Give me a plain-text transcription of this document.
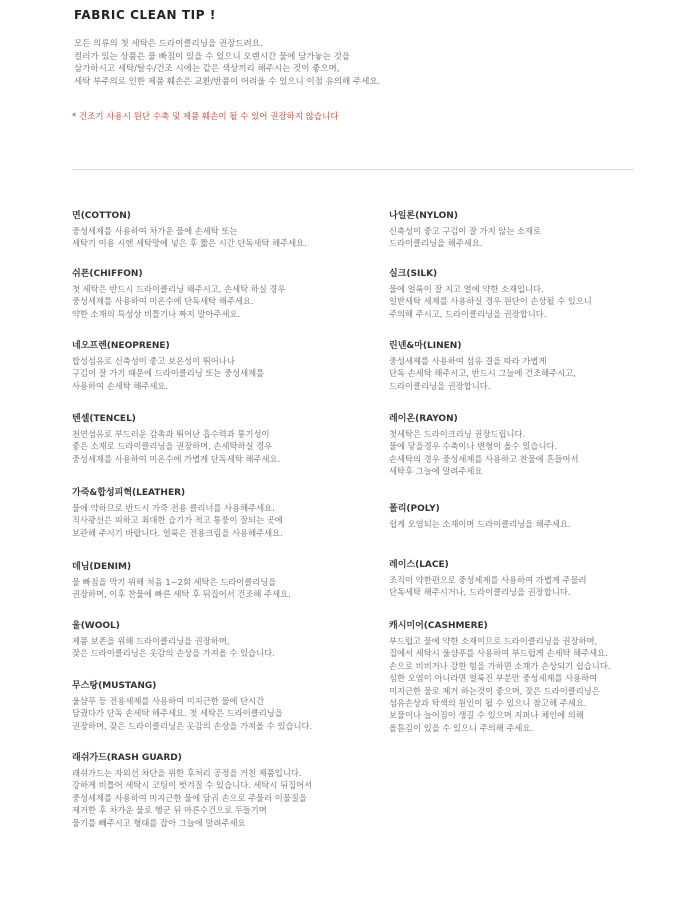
FABRIC CLEAN TIP !
모든 의류의 첫 세탁은 드라이클리닝을 권장드려요.
컬러가 있는 상품은 물 빠짐이 있을 수 있으니 오랜시간 물에 담가놓는 것을
삼가하시고 세탁/탈수/건조 시에는 같은 색상끼리 해주시는 것이 좋으며,
세탁 부주의로 인한 제품 훼손은 교환/반품이 어려울 수 있으니 이점 유의해 주세요.
* 건조기 사용시 원단 수축 및 제품 훼손이 될 수 있어 권장하지 않습니다
면(COTTON)
중성세제를 사용하여 차가운 물에 손세탁 또는
세탁기 이용 시엔 세탁망에 넣은 후 짧은 시간 단독세탁 해주세요.
쉬폰(CHIFFON)
첫 세탁은 반드시 드라이클리닝 해주시고, 손세탁 하실 경우
중성세제를 사용하여 미온수에 단독세탁 해주세요.
약한 소재의 특성상 비틀기나 짜지 말아주세요.
네오프렌(NEOPRENE)
합성섬유로 신축성이 좋고 보온성이 뛰어나나
구김이 잘 가기 때문에 드라이클리닝 또는 중성세제를
사용하여 손세탁 해주세요.
텐셀(TENCEL)
천연섬유로 부드러운 감촉과 뛰어난 흡수력과 통기성이
좋은 소재로 드라이클리닝을 권장하며, 손세탁하실 경우
중성세제를 사용하여 미온수에 가볍게 단독세탁 해주세요.
가죽&합성피혁(LEATHER)
물에 약하므로 반드시 가죽 전용 클리너를 사용해주세요.
직사광선은 피하고 최대한 습기가 적고 통풍이 잘되는 곳에
보관해 주시기 바랍니다. 얼룩은 전용크림을 사용해주세요.
데님(DENIM)
물 빠짐을 막기 위해 처음 1~2회 세탁은 드라이클리닝을
권장하며, 이후 찬물에 빠른 세탁 후 뒤집어서 건조해 주세요.
울(WOOL)
제품 보존을 위해 드라이클리닝을 권장하며,
잦은 드라이클리닝은 옷감의 손상을 가져올 수 있습니다.
무스탕(MUSTANG)
울샴푸 등 전용세제를 사용하여 미지근한 물에 단시간
담궜다가 단독 손세탁 해주세요. 첫 세탁은 드라이클리닝을
권장하며, 잦은 드라이클리닝은 옷감의 손상을 가져올 수 있습니다.
래쉬가드(RASH GUARD)
래쉬가드는 자외선 차단을 위한 후처리 공정을 거친 제품입니다.
강하게 비틀어 세탁시 코팅이 벗겨질 수 있습니다. 세탁시 뒤집어서
중성세제를 사용하여 미지근한 물에 담궈 손으로 주물러 이물질을
제거한 후 차가운 물로 헹군 뒤 마른수건으로 두들기며
물기를 빼주시고 형태를 잡아 그늘에 말려주세요
나일론(NYLON)
신축성이 좋고 구김이 잘 가지 않는 소재로
드라이클리닝을 해주세요.
실크(SILK)
물에 얼룩이 잘 지고 열에 약한 소재입니다.
일반세탁 세제를 사용하실 경우 원단이 손상될 수 있으니
주의해 주시고, 드라이클리닝을 권장합니다.
린넨&마(LINEN)
중성세제를 사용하여 섬유 결을 따라 가볍게
단독 손세탁 해주시고, 반드시 그늘에 건조해주시고,
드라이클리닝을 권장합니다.
레이온(RAYON)
첫세탁은 드라이크리닝 권장드립니다.
물에 닿을경우 수축이나 변형이 올수 있습니다.
손세탁의 경우 중성세제를 사용하고 찬물에 흔들어서
세탁후 그늘에 말려주세요
폴리(POLY)
쉽게 오염되는 소재이며 드라이클리닝을 해주세요.
레이스(LACE)
조직이 약한편으로 중성세제를 사용하여 가볍게 주물러
단독세탁 해주시거나, 드라이클리닝을 권장합니다.
캐시미어(CASHMERE)
부드럽고 물에 약한 소재이므로 드라이클리닝을 권장하며,
집에서 세탁시 울샴푸를 사용하여 부드럽게 손세탁 해주세요.
손으로 비비거나 강한 힘을 가하면 소재가 손상되기 쉽습니다.
심한 오염이 아니라면 얼룩진 부분만 중성세제를 사용하여
미지근한 물로 제거 하는것이 좋으며, 잦은 드라이클리닝은
섬유손상과 탁색의 원인이 될 수 있으니 참고해 주세요.
보풀이나 늘어짐이 생길 수 있으며 지퍼나 체인에 의해
올튿김이 있을 수 있으니 주의해 주세요.
